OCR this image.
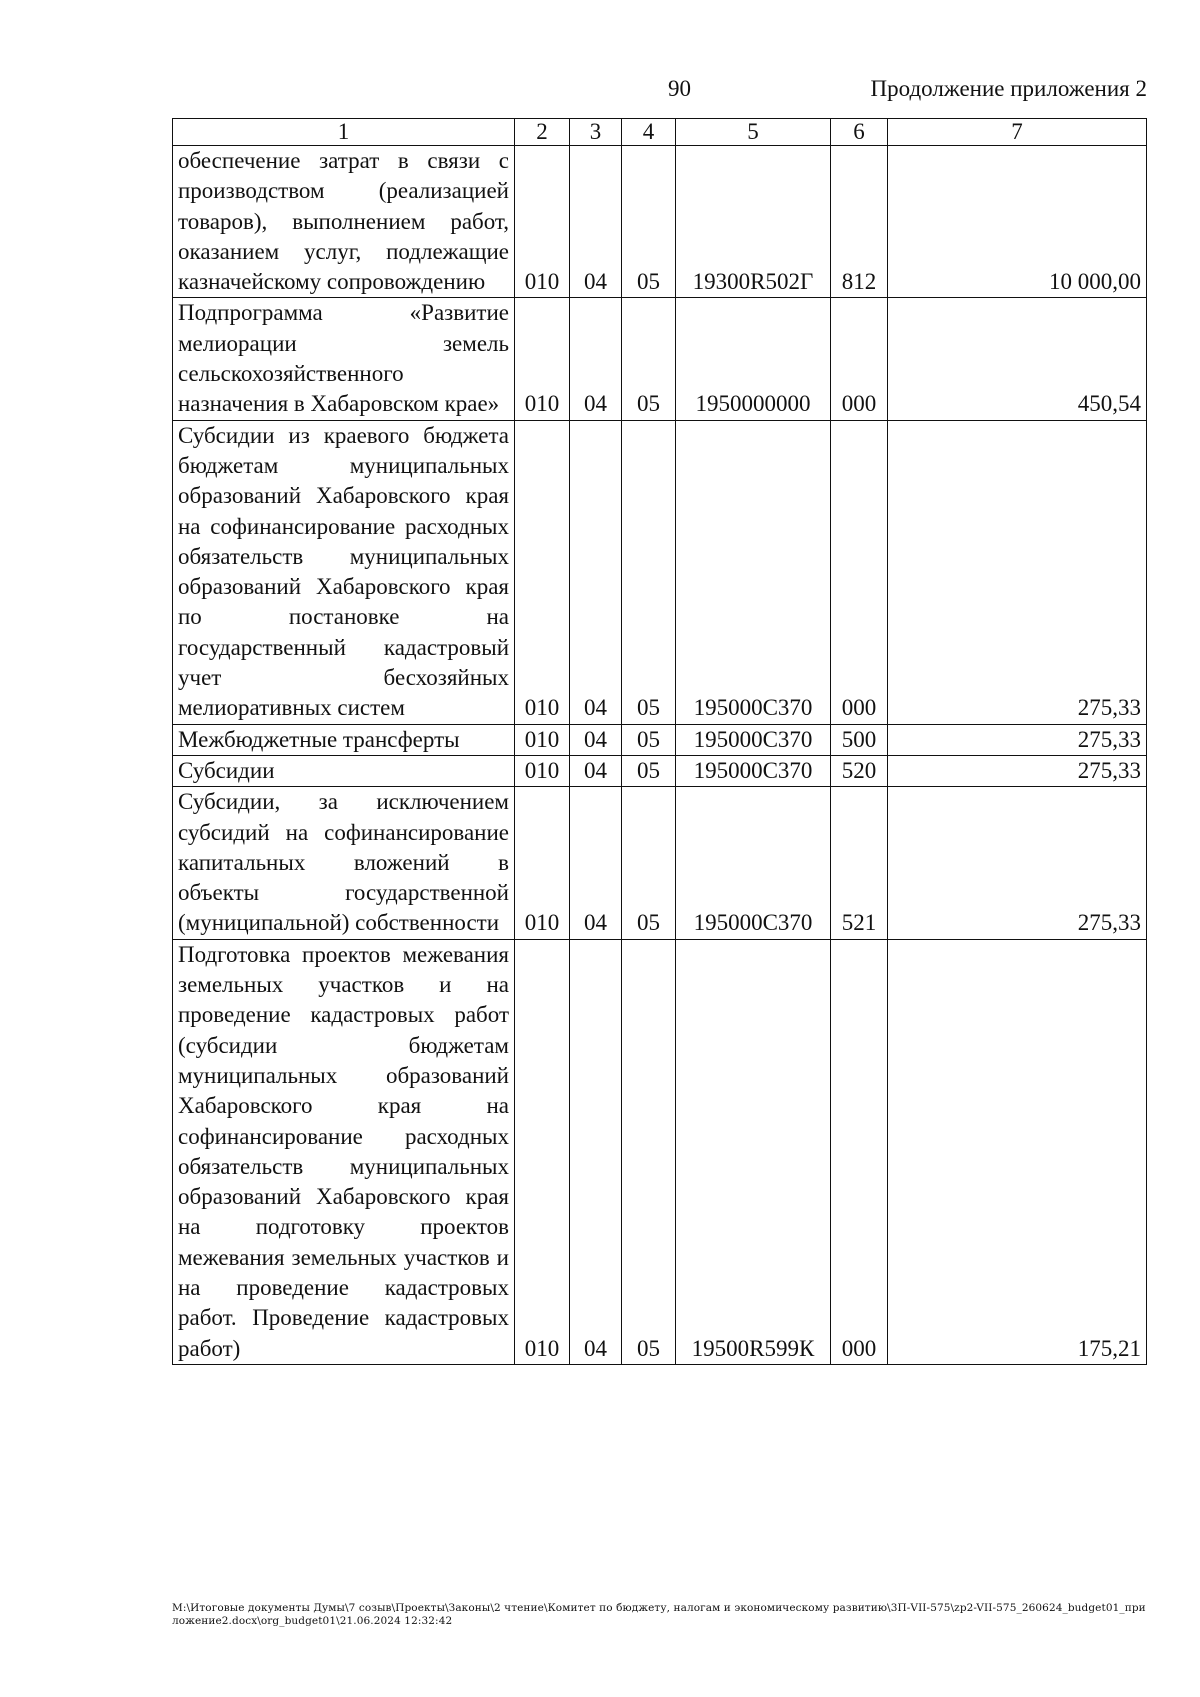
90	Продолжение приложения 2
1	2	3	4	5	6	7
обеспечение затрат в связи с производством (реализацией товаров), выполнением работ, оказанием услуг, подлежащие казначейскому сопровождению	010	04	05	19300R502Г	812	10 000,00
Подпрограмма «Развитие мелиорации земель сельскохозяйственного назначения в Хабаровском крае»	010	04	05	1950000000	000	450,54
Субсидии из краевого бюджета бюджетам муниципальных образований Хабаровского края на софинансирование расходных обязательств муниципальных образований Хабаровского края по постановке на государственный кадастровый учет бесхозяйных мелиоративных систем	010	04	05	195000С370	000	275,33
Межбюджетные трансферты	010	04	05	195000С370	500	275,33
Субсидии	010	04	05	195000С370	520	275,33
Субсидии, за исключением субсидий на софинансирование капитальных вложений в объекты государственной (муниципальной) собственности	010	04	05	195000С370	521	275,33
Подготовка проектов межевания земельных участков и на проведение кадастровых работ (субсидии бюджетам муниципальных образований Хабаровского края на софинансирование расходных обязательств муниципальных образований Хабаровского края на подготовку проектов межевания земельных участков и на проведение кадастровых работ. Проведение кадастровых работ)	010	04	05	19500R599К	000	175,21
M:\Итоговые документы Думы\7 созыв\Проекты\Законы\2 чтение\Комитет по бюджету, налогам и экономическому развитию\3П-VII-575\zp2-VII-575_260624_budget01_приложение2.docx\org_budget01\21.06.2024 12:32:42
